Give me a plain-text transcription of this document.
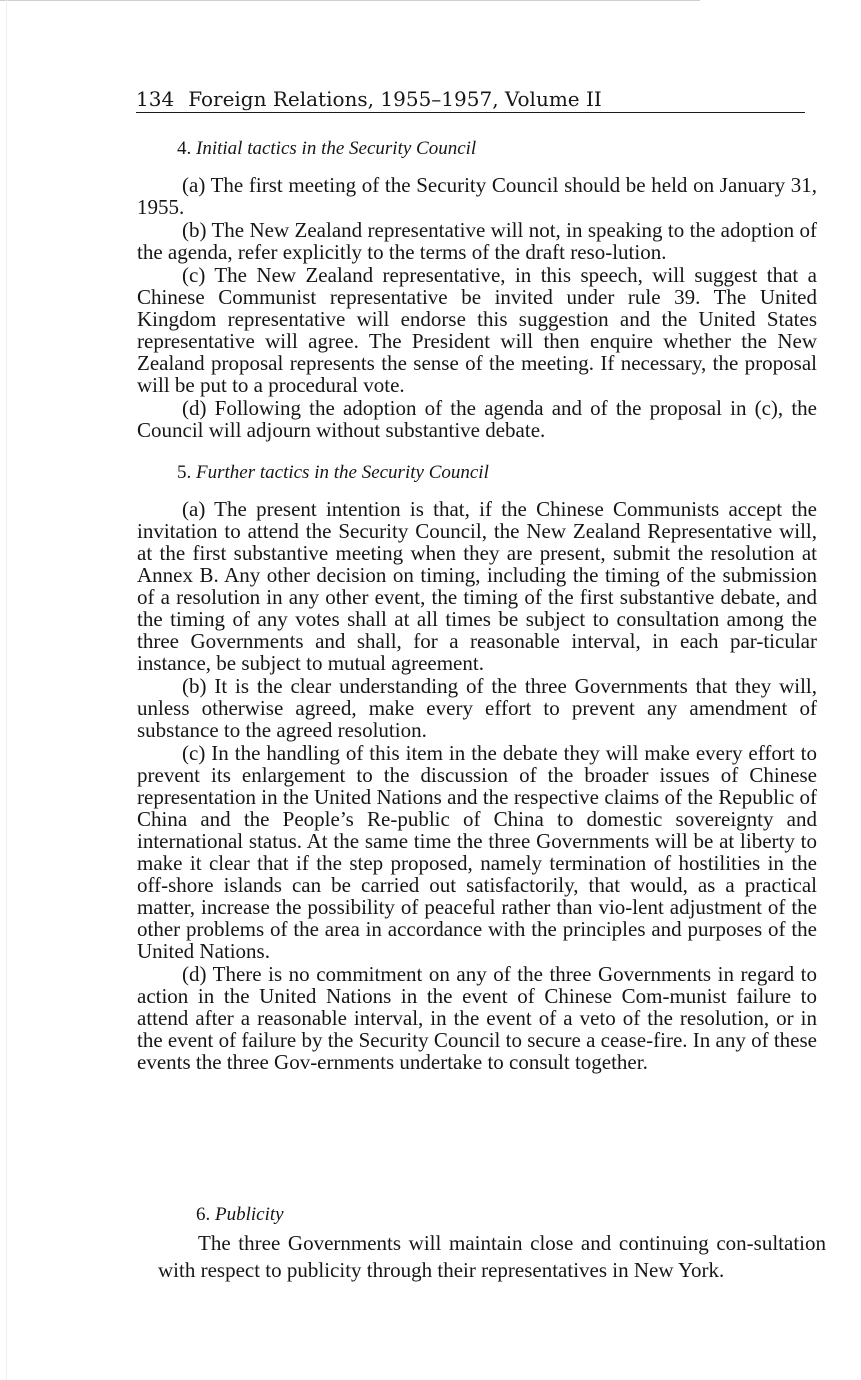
134 Foreign Relations, 1955–1957, Volume II
4. Initial tactics in the Security Council

(a) The first meeting of the Security Council should be held on January 31, 1955.

(b) The New Zealand representative will not, in speaking to the adoption of the agenda, refer explicitly to the terms of the draft reso-lution.

(c) The New Zealand representative, in this speech, will suggest that a Chinese Communist representative be invited under rule 39. The United Kingdom representative will endorse this suggestion and the United States representative will agree. The President will then enquire whether the New Zealand proposal represents the sense of the meeting. If necessary, the proposal will be put to a procedural vote.

(d) Following the adoption of the agenda and of the proposal in (c), the Council will adjourn without substantive debate.

5. Further tactics in the Security Council

(a) The present intention is that, if the Chinese Communists accept the invitation to attend the Security Council, the New Zealand Representative will, at the first substantive meeting when they are present, submit the resolution at Annex B. Any other decision on timing, including the timing of the submission of a resolution in any other event, the timing of the first substantive debate, and the timing of any votes shall at all times be subject to consultation among the three Governments and shall, for a reasonable interval, in each par-ticular instance, be subject to mutual agreement.

(b) It is the clear understanding of the three Governments that they will, unless otherwise agreed, make every effort to prevent any amendment of substance to the agreed resolution.

(c) In the handling of this item in the debate they will make every effort to prevent its enlargement to the discussion of the broader issues of Chinese representation in the United Nations and the respective claims of the Republic of China and the People’s Re-public of China to domestic sovereignty and international status. At the same time the three Governments will be at liberty to make it clear that if the step proposed, namely termination of hostilities in the off-shore islands can be carried out satisfactorily, that would, as a practical matter, increase the possibility of peaceful rather than vio-lent adjustment of the other problems of the area in accordance with the principles and purposes of the United Nations.

(d) There is no commitment on any of the three Governments in regard to action in the United Nations in the event of Chinese Com-munist failure to attend after a reasonable interval, in the event of a veto of the resolution, or in the event of failure by the Security Council to secure a cease-fire. In any of these events the three Gov-ernments undertake to consult together.

6. Publicity

The three Governments will maintain close and continuing con-sultation with respect to publicity through their representatives in New York.
